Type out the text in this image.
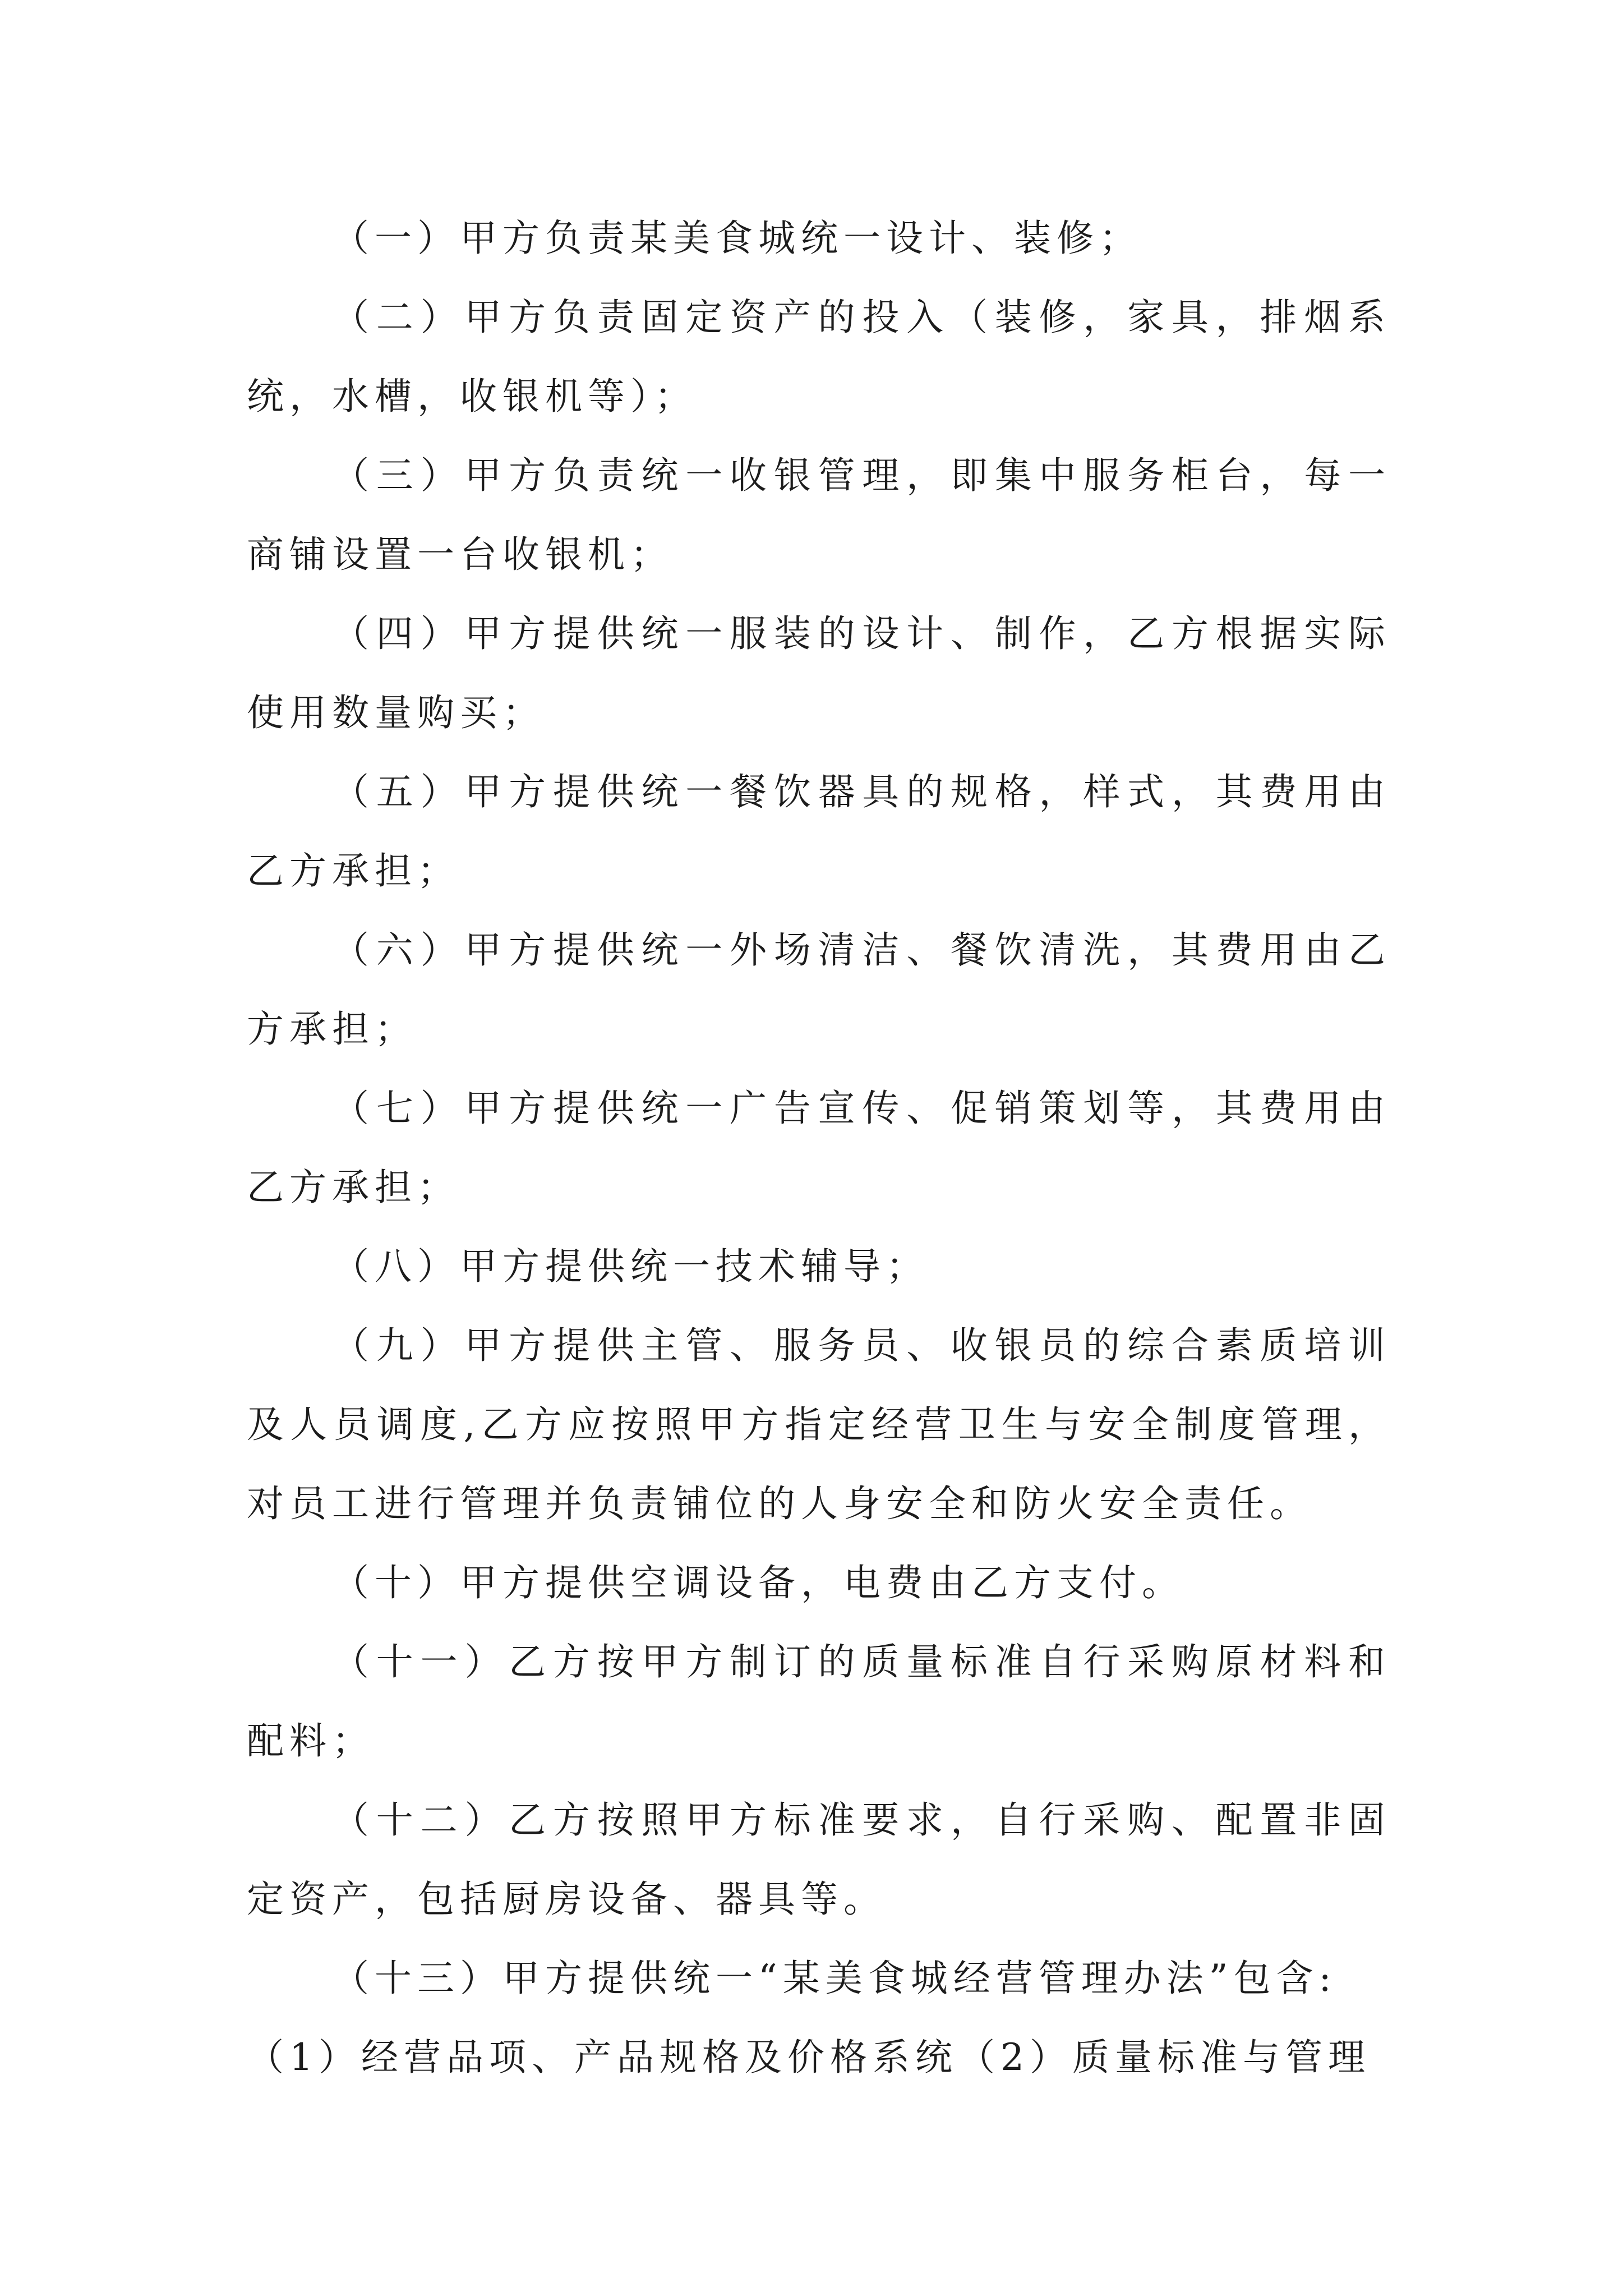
（一）甲方负责某美食城统一设计、装修；

（二）甲方负责固定资产的投入（装修，家具，排烟系统，水槽，收银机等）；

（三）甲方负责统一收银管理，即集中服务柜台，每一商铺设置一台收银机；

（四）甲方提供统一服装的设计、制作，乙方根据实际使用数量购买；

（五）甲方提供统一餐饮器具的规格，样式，其费用由乙方承担；

（六）甲方提供统一外场清洁、餐饮清洗，其费用由乙方承担；

（七）甲方提供统一广告宣传、促销策划等，其费用由乙方承担；

（八）甲方提供统一技术辅导；

（九）甲方提供主管、服务员、收银员的综合素质培训及人员调度,乙方应按照甲方指定经营卫生与安全制度管理，对员工进行管理并负责铺位的人身安全和防火安全责任。

（十）甲方提供空调设备，电费由乙方支付。

（十一）乙方按甲方制订的质量标准自行采购原材料和配料；

（十二）乙方按照甲方标准要求，自行采购、配置非固定资产，包括厨房设备、器具等。

（十三）甲方提供统一“某美食城经营管理办法”包含:

（1）经营品项、产品规格及价格系统（2）质量标准与管理
